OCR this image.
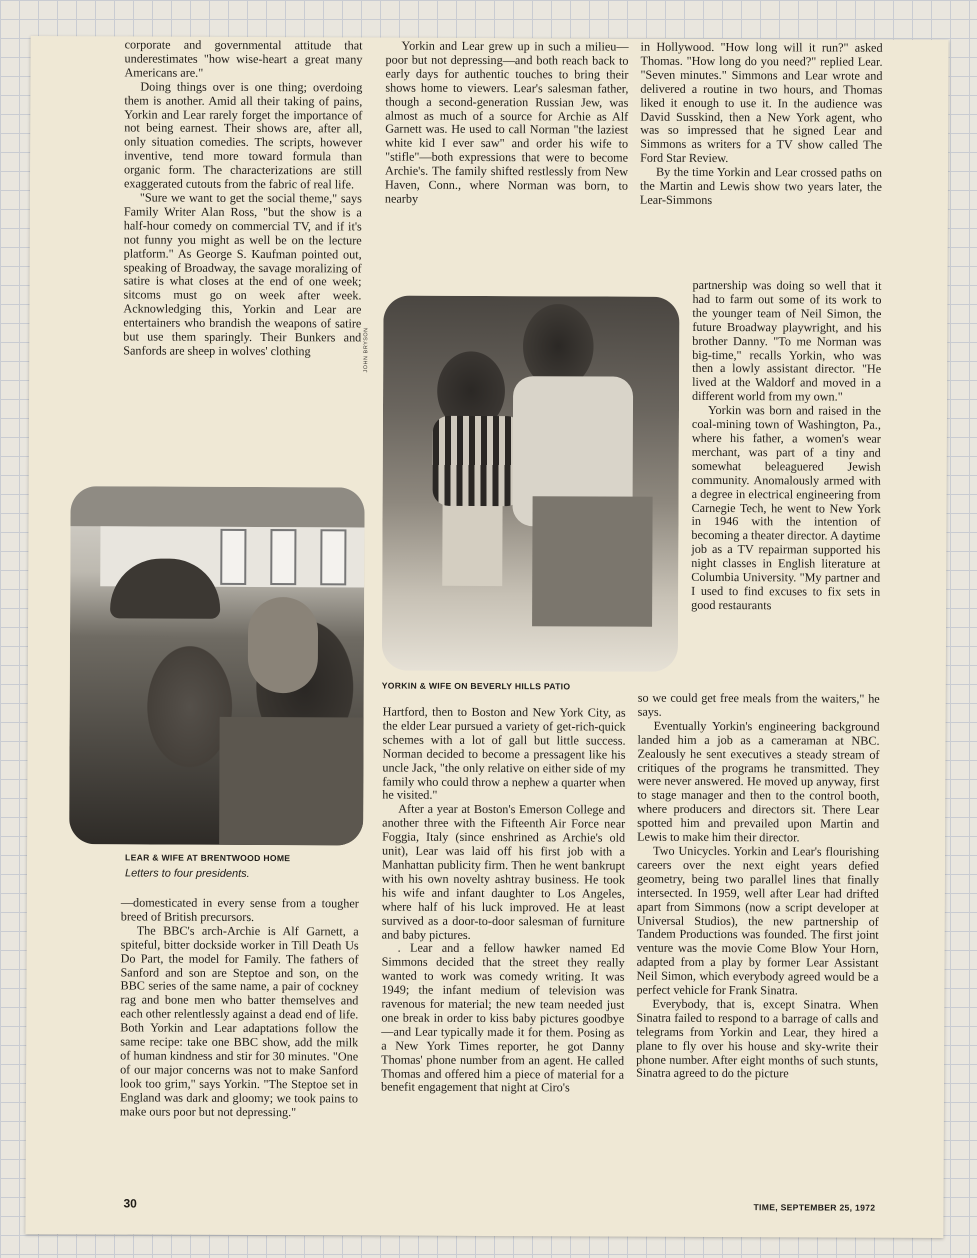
corporate and governmental attitude that underestimates "how wise-heart a great many Americans are."

Doing things over is one thing; overdoing them is another. Amid all their taking of pains, Yorkin and Lear rarely forget the importance of not being earnest. Their shows are, after all, only situation comedies. The scripts, however inventive, tend more toward formula than organic form. The characterizations are still exaggerated cutouts from the fabric of real life.

"Sure we want to get the social theme," says Family Writer Alan Ross, "but the show is a half-hour comedy on commercial TV, and if it's not funny you might as well be on the lecture platform." As George S. Kaufman pointed out, speaking of Broadway, the savage moralizing of satire is what closes at the end of one week; sitcoms must go on week after week. Acknowledging this, Yorkin and Lear are entertainers who brandish the weapons of satire but use them sparingly. Their Bunkers and Sanfords are sheep in wolves' clothing

LEAR & WIFE AT BRENTWOOD HOME
Letters to four presidents.

—domesticated in every sense from a tougher breed of British precursors.

The BBC's arch-Archie is Alf Garnett, a spiteful, bitter dockside worker in Till Death Us Do Part, the model for Family. The fathers of Sanford and son are Steptoe and son, on the BBC series of the same name, a pair of cockney rag and bone men who batter themselves and each other relentlessly against a dead end of life. Both Yorkin and Lear adaptations follow the same recipe: take one BBC show, add the milk of human kindness and stir for 30 minutes. "One of our major concerns was not to make Sanford look too grim," says Yorkin. "The Steptoe set in England was dark and gloomy; we took pains to make ours poor but not depressing."

Yorkin and Lear grew up in such a milieu—poor but not depressing—and both reach back to early days for authentic touches to bring their shows home to viewers. Lear's salesman father, though a second-generation Russian Jew, was almost as much of a source for Archie as Alf Garnett was. He used to call Norman "the laziest white kid I ever saw" and order his wife to "stifle"—both expressions that were to become Archie's. The family shifted restlessly from New Haven, Conn., where Norman was born, to nearby

JOHN BRYSON
YORKIN & WIFE ON BEVERLY HILLS PATIO

Hartford, then to Boston and New York City, as the elder Lear pursued a variety of get-rich-quick schemes with a lot of gall but little success. Norman decided to become a pressagent like his uncle Jack, "the only relative on either side of my family who could throw a nephew a quarter when he visited."

After a year at Boston's Emerson College and another three with the Fifteenth Air Force near Foggia, Italy (since enshrined as Archie's old unit), Lear was laid off his first job with a Manhattan publicity firm. Then he went bankrupt with his own novelty ashtray business. He took his wife and infant daughter to Los Angeles, where half of his luck improved. He at least survived as a door-to-door salesman of furniture and baby pictures.

. Lear and a fellow hawker named Ed Simmons decided that the street they really wanted to work was comedy writing. It was 1949; the infant medium of television was ravenous for material; the new team needed just one break in order to kiss baby pictures goodbye —and Lear typically made it for them. Posing as a New York Times reporter, he got Danny Thomas' phone number from an agent. He called Thomas and offered him a piece of material for a benefit engagement that night at Ciro's

in Hollywood. "How long will it run?" asked Thomas. "How long do you need?" replied Lear. "Seven minutes." Simmons and Lear wrote and delivered a routine in two hours, and Thomas liked it enough to use it. In the audience was David Susskind, then a New York agent, who was so impressed that he signed Lear and Simmons as writers for a TV show called The Ford Star Review.

By the time Yorkin and Lear crossed paths on the Martin and Lewis show two years later, the Lear-Simmons

partnership was doing so well that it had to farm out some of its work to the younger team of Neil Simon, the future Broadway playwright, and his brother Danny. "To me Norman was big-time," recalls Yorkin, who was then a lowly assistant director. "He lived at the Waldorf and moved in a different world from my own."

Yorkin was born and raised in the coal-mining town of Washington, Pa., where his father, a women's wear merchant, was part of a tiny and somewhat beleaguered Jewish community. Anomalously armed with a degree in electrical engineering from Carnegie Tech, he went to New York in 1946 with the intention of becoming a theater director. A daytime job as a TV repairman supported his night classes in English literature at Columbia University. "My partner and I used to find excuses to fix sets in good restaurants

so we could get free meals from the waiters," he says.

Eventually Yorkin's engineering background landed him a job as a cameraman at NBC. Zealously he sent executives a steady stream of critiques of the programs he transmitted. They were never answered. He moved up anyway, first to stage manager and then to the control booth, where producers and directors sit. There Lear spotted him and prevailed upon Martin and Lewis to make him their director.

Two Unicycles. Yorkin and Lear's flourishing careers over the next eight years defied geometry, being two parallel lines that finally intersected. In 1959, well after Lear had drifted apart from Simmons (now a script developer at Universal Studios), the new partnership of Tandem Productions was founded. The first joint venture was the movie Come Blow Your Horn, adapted from a play by former Lear Assistant Neil Simon, which everybody agreed would be a perfect vehicle for Frank Sinatra.

Everybody, that is, except Sinatra. When Sinatra failed to respond to a barrage of calls and telegrams from Yorkin and Lear, they hired a plane to fly over his house and sky-write their phone number. After eight months of such stunts, Sinatra agreed to do the picture

30	TIME, SEPTEMBER 25, 1972
